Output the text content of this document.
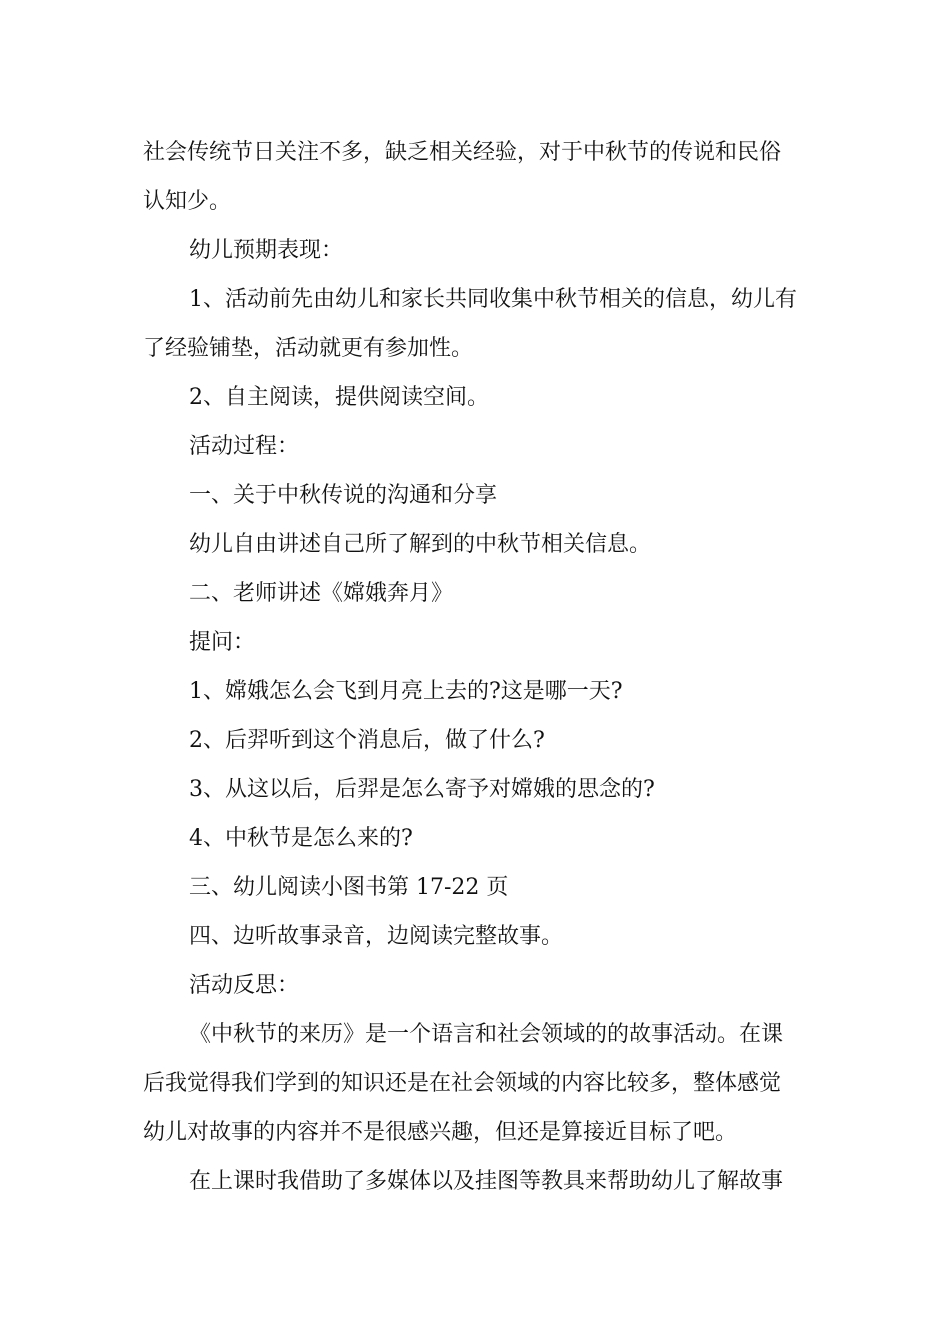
社会传统节日关注不多，缺乏相关经验，对于中秋节的传说和民俗
认知少。
幼儿预期表现：
1、活动前先由幼儿和家长共同收集中秋节相关的信息，幼儿有
了经验铺垫，活动就更有参加性。
2、自主阅读，提供阅读空间。
活动过程：
一、关于中秋传说的沟通和分享
幼儿自由讲述自己所了解到的中秋节相关信息。
二、老师讲述《嫦娥奔月》
提问：
1、嫦娥怎么会飞到月亮上去的?这是哪一天?
2、后羿听到这个消息后，做了什么?
3、从这以后，后羿是怎么寄予对嫦娥的思念的?
4、中秋节是怎么来的?
三、幼儿阅读小图书第 17-22 页
四、边听故事录音，边阅读完整故事。
活动反思：
《中秋节的来历》是一个语言和社会领域的的故事活动。在课
后我觉得我们学到的知识还是在社会领域的内容比较多，整体感觉
幼儿对故事的内容并不是很感兴趣，但还是算接近目标了吧。
在上课时我借助了多媒体以及挂图等教具来帮助幼儿了解故事
